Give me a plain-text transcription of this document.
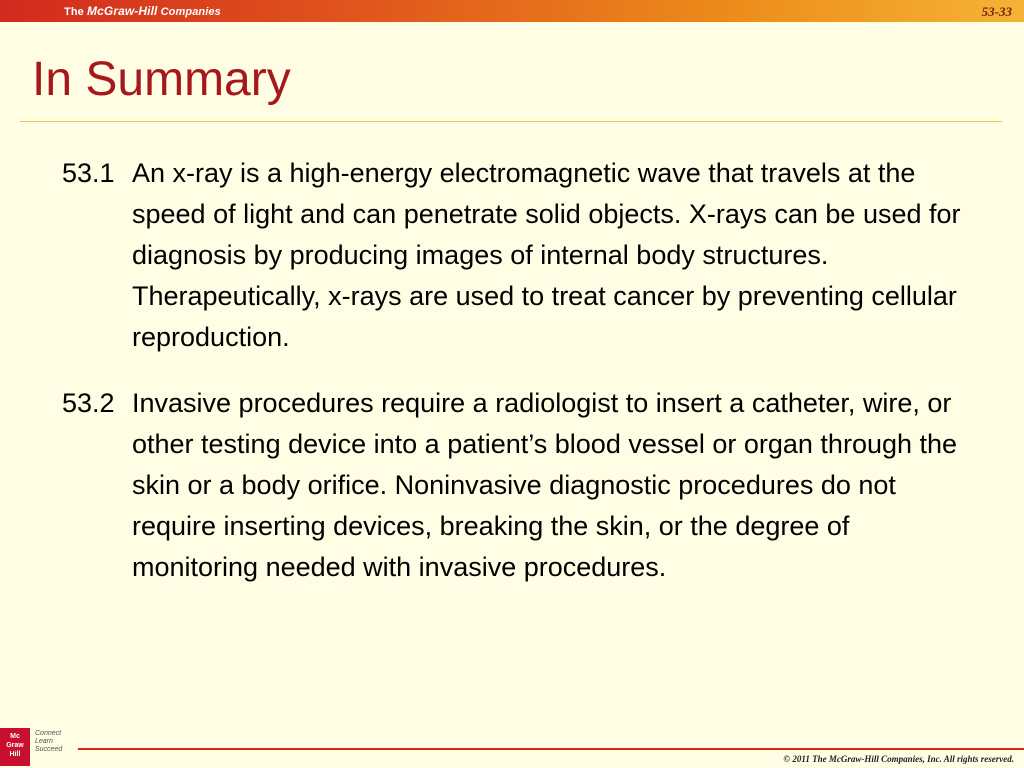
The McGraw-Hill Companies	53-33
In Summary
53.1 An x-ray is a high-energy electromagnetic wave that travels at the speed of light and can penetrate solid objects. X-rays can be used for diagnosis by producing images of internal body structures. Therapeutically, x-rays are used to treat cancer by preventing cellular reproduction.

53.2 Invasive procedures require a radiologist to insert a catheter, wire, or other testing device into a patient’s blood vessel or organ through the skin or a body orifice. Noninvasive diagnostic procedures do not require inserting devices, breaking the skin, or the degree of monitoring needed with invasive procedures.

Mc
Graw
Hill
Connect
Learn
Succeed
© 2011 The McGraw-Hill Companies, Inc. All rights reserved.
